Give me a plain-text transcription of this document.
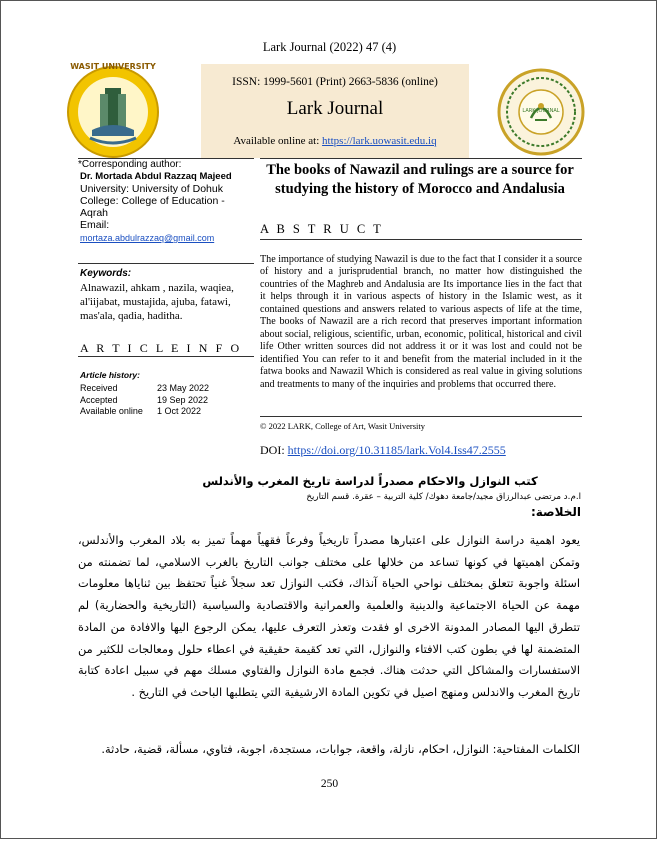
Lark Journal (2022) 47 (4)
WASIT UNIVERSITY
ISSN: 1999-5601 (Print) 2663-5836 (online)
Lark Journal
Available online at: https://lark.uowasit.edu.iq
LARK JOURNAL
*Corresponding author:
Dr. Mortada Abdul Razzaq Majeed
University: University of Dohuk
College: College of Education -
Aqrah
Email:
mortaza.abdulrazzaq@gmail.com
Keywords:
Alnawazil, ahkam , nazila, waqiea, al'iijabat, mustajida, ajuba, fatawi, mas'ala, qadia, haditha.
A R T I C L E I N F O
Article history:
Received	23 May 2022
Accepted	19 Sep 2022
Available online 1 Oct 2022
The books of Nawazil and rulings are a source for studying the history of Morocco and Andalusia
A B S T R U C T
The importance of studying Nawazil is due to the fact that I consider it a source of history and a jurisprudential branch, no matter how distinguished the countries of the Maghreb and Andalusia are Its importance lies in the fact that it helps through it in various aspects of history in the Islamic west, as it contained questions and answers related to various aspects of life at the time, The books of Nawazil are a rich record that preserves important information about social, religious, scientific, urban, economic, political, historical and civil life Other written sources did not address it or it was lost and could not be identified You can refer to it and benefit from the material included in it the fatwa books and Nawazil Which is considered as real value in giving solutions and treatments to many of the inquiries and problems that occurred there.
© 2022 LARK, College of Art, Wasit University
DOI: https://doi.org/10.31185/lark.Vol4.Iss47.2555
كتب النوازل والاحكام مصدراً لدراسة تاريخ المغرب والأندلس
ا.م.د مرتضى عبدالرزاق مجيد/جامعة دهوك/ كلية التربية – عقرة. قسم التاريخ
الخلاصة:
يعود اهمية دراسة النوازل على اعتبارها مصدراً تاريخياً وفرعاً فقهياً مهماً تميز به بلاد المغرب والأندلس، وتمكن اهميتها في كونها تساعد من خلالها على مختلف جوانب التاريخ بالغرب الاسلامي، لما تضمنته من اسئلة واجوبة تتعلق بمختلف نواحي الحياة آنذاك، فكتب النوازل تعد سجلاً غنياً تحتفظ بين ثناياها معلومات مهمة عن الحياة الاجتماعية والدينية والعلمية والعمرانية والاقتصادية والسياسية (التاريخية والحضارية) لم تتطرق اليها المصادر المدونة الاخرى او فقدت وتعذر التعرف عليها، يمكن الرجوع اليها والافادة من المادة المتضمنة لها في بطون كتب الافتاء والنوازل، التي تعد كقيمة حقيقية في اعطاء حلول ومعالجات للكثير من الاستفسارات والمشاكل التي حدثت هناك. فجمع مادة النوازل والفتاوي مسلك مهم في سبيل اعادة كتابة تاريخ المغرب والاندلس ومنهج اصيل في تكوين المادة الارشيفية التي يتطلبها الباحث في التاريخ .
الكلمات المفتاحية: النوازل، احكام، نازلة، واقعة، جوابات، مستجدة، اجوبة، فتاوي، مسألة، قضية، حادثة.
250
